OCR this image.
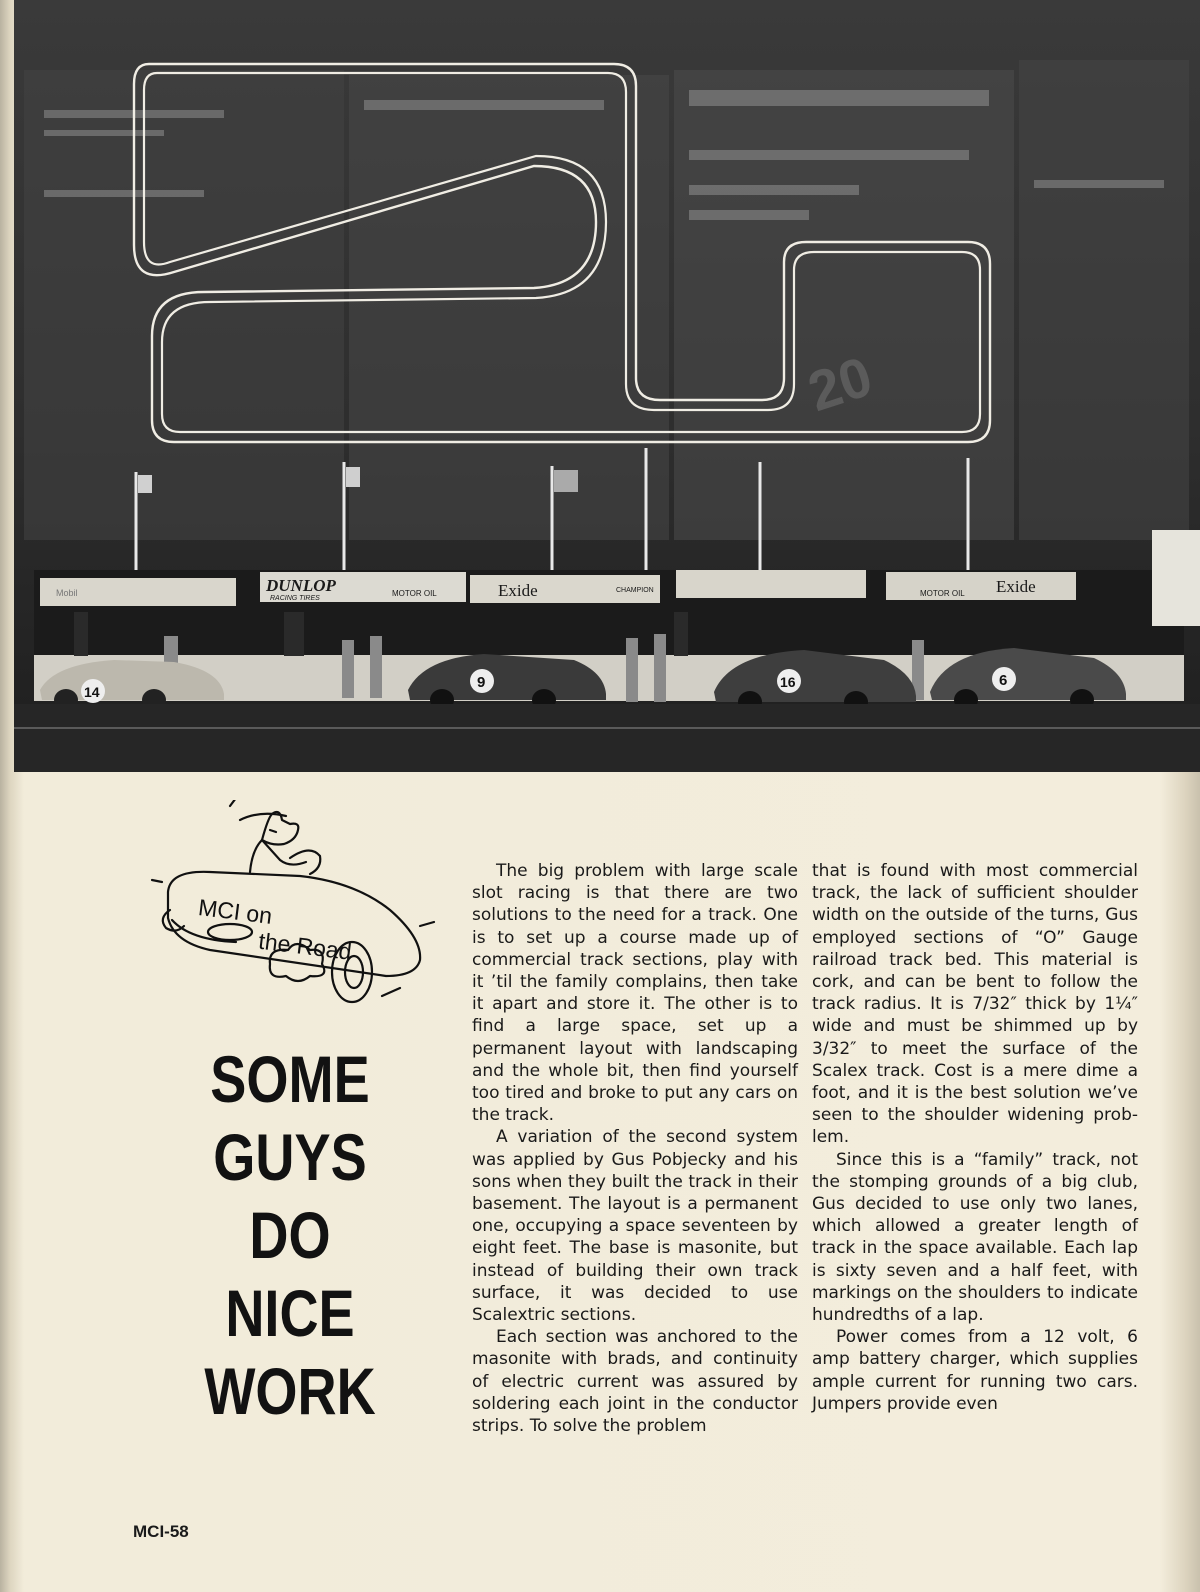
20
DUNLOP
RACING TIRES
MOTOR OIL	Exide	CHAMPION
Mobil	Exide
MOTOR OIL
14
9	16	6
MCI on
the Road
SOME GUYS
DO
NICE WORK

The big problem with large scale slot racing is that there are two solutions to the need for a track. One is to set up a course made up of commercial track sections, play with it ’til the family complains, then take it apart and store it. The other is to find a large space, set up a permanent layout with landscaping and the whole bit, then find yourself too tired and broke to put any cars on the track.

A variation of the second system was applied by Gus Pobjecky and his sons when they built the track in their basement. The layout is a permanent one, occupying a space seventeen by eight feet. The base is masonite, but instead of building their own track surface, it was decided to use Scalextric sections.

Each section was anchored to the masonite with brads, and continuity of electric current was assured by soldering each joint in the conductor strips. To solve the problem

that is found with most commercial track, the lack of sufficient shoulder width on the outside of the turns, Gus employed sections of “O” Gauge railroad track bed. This material is cork, and can be bent to follow the track radius. It is 7/32″ thick by 1¼″ wide and must be shimmed up by 3/32″ to meet the surface of the Scalex track. Cost is a mere dime a foot, and it is the best solution we’ve seen to the shoulder widening problem.

Since this is a “family” track, not the stomping grounds of a big club, Gus decided to use only two lanes, which allowed a greater length of track in the space available. Each lap is sixty seven and a half feet, with markings on the shoulders to indicate hundredths of a lap.

Power comes from a 12 volt, 6 amp battery charger, which supplies ample current for running two cars. Jumpers provide even

MCI-58
